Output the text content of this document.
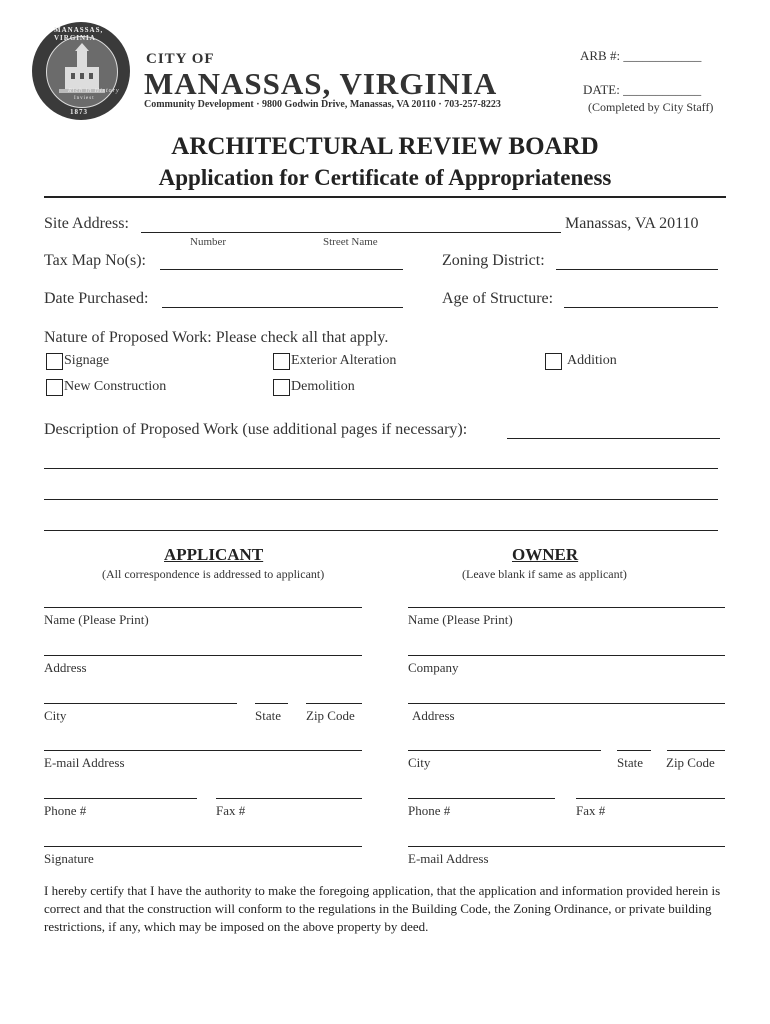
MANASSAS, VIRGINIA
Rich in History
Inviest
1873
CITY OF
MANASSAS, VIRGINIA
Community Development · 9800 Godwin Drive, Manassas, VA 20110 · 703-257-8223
ARB #: ____________
DATE: ____________
(Completed by City Staff)
ARCHITECTURAL REVIEW BOARD
Application for Certificate of Appropriateness
Site Address:	Manassas, VA 20110
Number	Street Name
Tax Map No(s):	Zoning District:
Date Purchased:	Age of Structure:
Nature of Proposed Work: Please check all that apply.
Signage	Exterior Alteration	Addition
New Construction	Demolition
Description of Proposed Work (use additional pages if necessary):
APPLICANT
(All correspondence is addressed to applicant)
Name (Please Print)
Address
City	State Zip Code
E-mail Address
Phone #	Fax #
Signature
OWNER
(Leave blank if same as applicant)
Name (Please Print)
Company
Address
City	State Zip Code
Phone #	Fax #
E-mail Address
I hereby certify that I have the authority to make the foregoing application, that the application and information provided herein is correct and that the construction will conform to the regulations in the Building Code, the Zoning Ordinance, or private building restrictions, if any, which may be imposed on the above property by deed.
